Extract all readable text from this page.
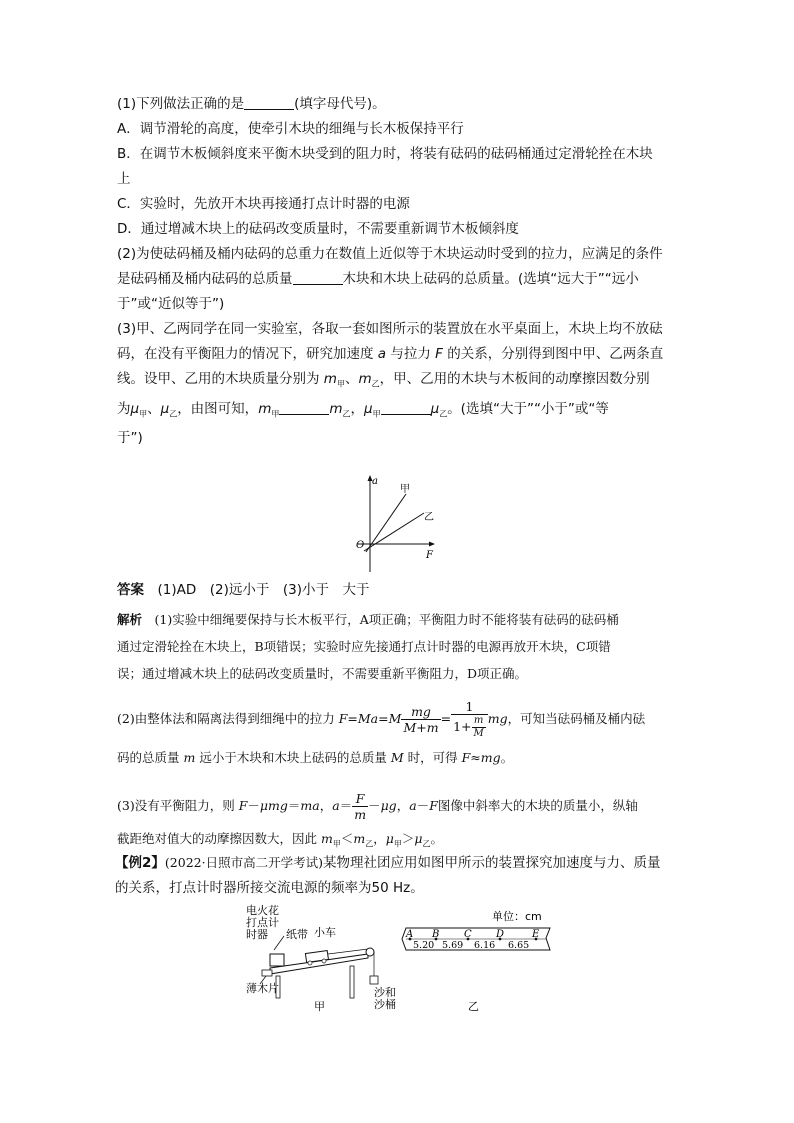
(1)下列做法正确的是	(填字母代号)。

A．调节滑轮的高度，使牵引木块的细绳与长木板保持平行

B．在调节木板倾斜度来平衡木块受到的阻力时，将装有砝码的砝码桶通过定滑轮拴在木块

上

C．实验时，先放开木块再接通打点计时器的电源

D．通过增减木块上的砝码改变质量时，不需要重新调节木板倾斜度

(2)为使砝码桶及桶内砝码的总重力在数值上近似等于木块运动时受到的拉力，应满足的条件

是砝码桶及桶内砝码的总质量	木块和木块上砝码的总质量。(选填“远大于”“远小

于”或“近似等于”)

(3)甲、乙两同学在同一实验室，各取一套如图所示的装置放在水平桌面上，木块上均不放砝

码，在没有平衡阻力的情况下，研究加速度 a 与拉力 F 的关系，分别得到图中甲、乙两条直

线。设甲、乙用的木块质量分别为 $m_甲$、$m_乙$，甲、乙用的木块与木板间的动摩擦因数分别

为$\mu_甲$、$\mu_乙$，由图可知，$m_甲$	$m_乙$，$\mu_甲$	$\mu_乙$。(选填“大于”“小于”或“等

于”)

a
F
O
甲
乙

答案　 (1)AD　(2)远小于　(3)小于　大于

解析　 (1)实验中细绳要保持与长木板平行，A项正确；平衡阻力时不能将装有砝码的砝码桶

通过定滑轮拴在木块上，B项错误；实验时应先接通打点计时器的电源再放开木块，C项错

误；通过增减木块上的砝码改变质量时，不需要重新平衡阻力，D项正确。

(2)由整体法和隔离法得到细绳中的拉力 $F=Ma=M \frac{mg}{M+m} = \frac{1}{1+ \frac{m}{M}}$ mg，可知当砝码桶及桶内砝

码的总质量 m 远小于木块和木块上砝码的总质量 M 时，可得 F≈mg。

(3)没有平衡阻力，则 F－μmg＝ma，$a= \frac{F}{m} -\mu g$，a－F图像中斜率大的木块的质量小，纵轴

截距绝对值大的动摩擦因数大，因此 $m_甲<m_乙$，$\mu_甲>\mu_乙$。

【例2】(2022·日照市高二开学考试)某物理社团应用如图甲所示的装置探究加速度与力、质量

的关系，打点计时器所接交流电源的频率为50 Hz。

电火花
打点计
时器 纸带 小车
薄木片	沙和
沙桶
甲
单位：cm
乙
A B C D	E
5.20 5.69 6.16 6.65
